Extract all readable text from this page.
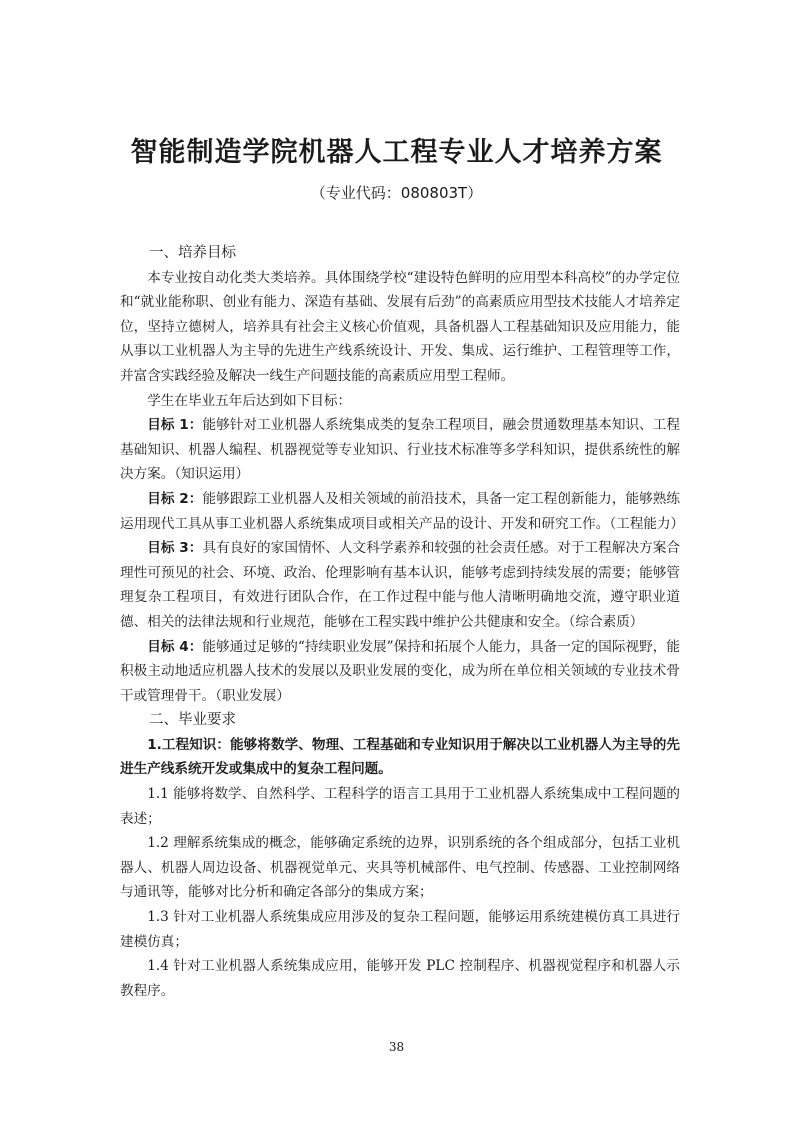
智能制造学院机器人工程专业人才培养方案
（专业代码：080803T）

一、培养目标

本专业按自动化类大类培养。具体围绕学校“建设特色鲜明的应用型本科高校”的办学定位和“就业能称职、创业有能力、深造有基础、发展有后劲”的高素质应用型技术技能人才培养定位，坚持立德树人，培养具有社会主义核心价值观，具备机器人工程基础知识及应用能力，能从事以工业机器人为主导的先进生产线系统设计、开发、集成、运行维护、工程管理等工作，并富含实践经验及解决一线生产问题技能的高素质应用型工程师。

学生在毕业五年后达到如下目标：

目标 1：能够针对工业机器人系统集成类的复杂工程项目，融会贯通数理基本知识、工程基础知识、机器人编程、机器视觉等专业知识、行业技术标准等多学科知识，提供系统性的解决方案。（知识运用）

目标 2：能够跟踪工业机器人及相关领域的前沿技术，具备一定工程创新能力，能够熟练运用现代工具从事工业机器人系统集成项目或相关产品的设计、开发和研究工作。（工程能力）

目标 3：具有良好的家国情怀、人文科学素养和较强的社会责任感。对于工程解决方案合理性可预见的社会、环境、政治、伦理影响有基本认识，能够考虑到持续发展的需要；能够管理复杂工程项目，有效进行团队合作，在工作过程中能与他人清晰明确地交流，遵守职业道德、相关的法律法规和行业规范，能够在工程实践中维护公共健康和安全。（综合素质）

目标 4：能够通过足够的“持续职业发展”保持和拓展个人能力，具备一定的国际视野，能积极主动地适应机器人技术的发展以及职业发展的变化，成为所在单位相关领域的专业技术骨干或管理骨干。（职业发展）

二、毕业要求

1.工程知识：能够将数学、物理、工程基础和专业知识用于解决以工业机器人为主导的先进生产线系统开发或集成中的复杂工程问题。

1.1 能够将数学、自然科学、工程科学的语言工具用于工业机器人系统集成中工程问题的表述；

1.2 理解系统集成的概念，能够确定系统的边界，识别系统的各个组成部分，包括工业机器人、机器人周边设备、机器视觉单元、夹具等机械部件、电气控制、传感器、工业控制网络与通讯等，能够对比分析和确定各部分的集成方案；

1.3 针对工业机器人系统集成应用涉及的复杂工程问题，能够运用系统建模仿真工具进行建模仿真；

1.4 针对工业机器人系统集成应用，能够开发 PLC 控制程序、机器视觉程序和机器人示教程序。

38
